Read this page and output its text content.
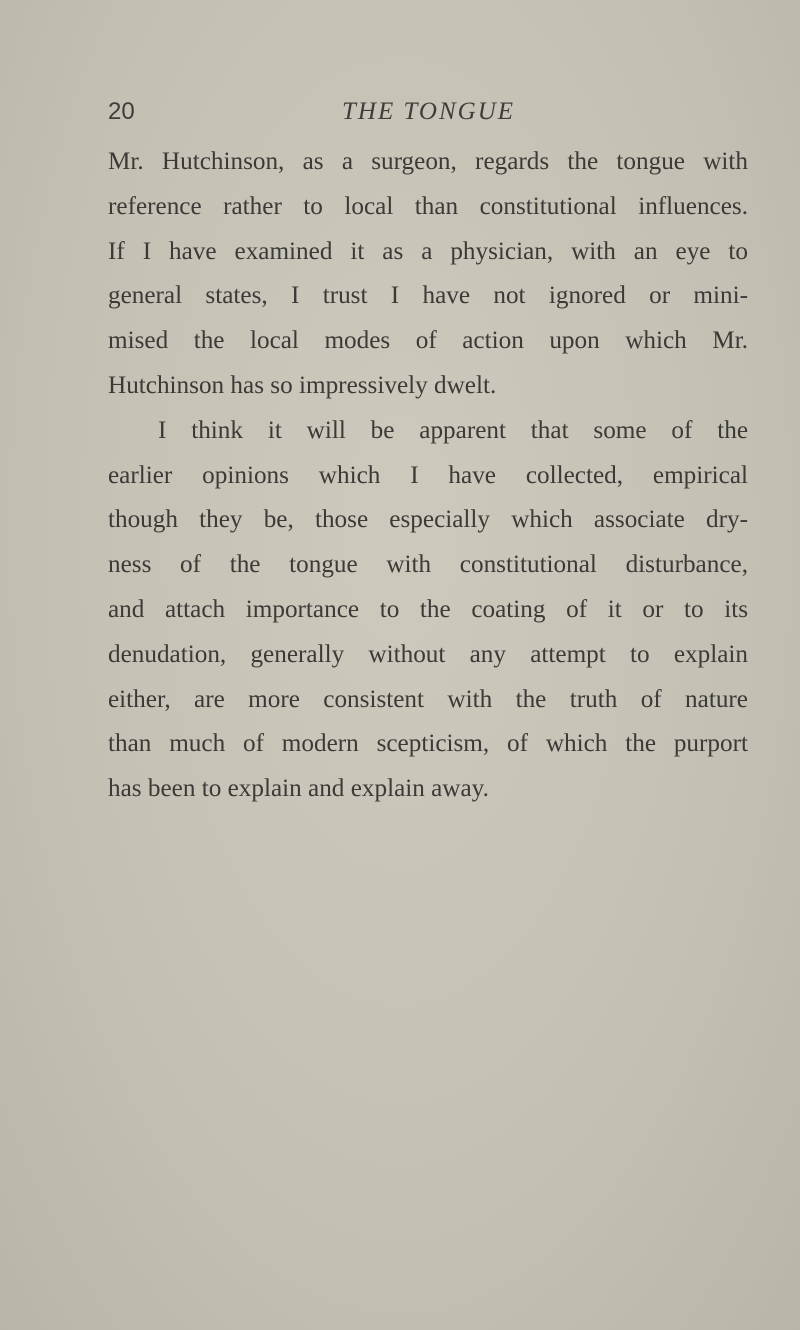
20	THE TONGUE
Mr. Hutchinson, as a surgeon, regards the tongue with
reference rather to local than constitutional influences.
If I have examined it as a physician, with an eye to
general states, I trust I have not ignored or mini-
mised the local modes of action upon which Mr.
Hutchinson has so impressively dwelt.
I think it will be apparent that some of the
earlier opinions which I have collected, empirical
though they be, those especially which associate dry-
ness of the tongue with constitutional disturbance,
and attach importance to the coating of it or to its
denudation, generally without any attempt to explain
either, are more consistent with the truth of nature
than much of modern scepticism, of which the purport
has been to explain and explain away.
